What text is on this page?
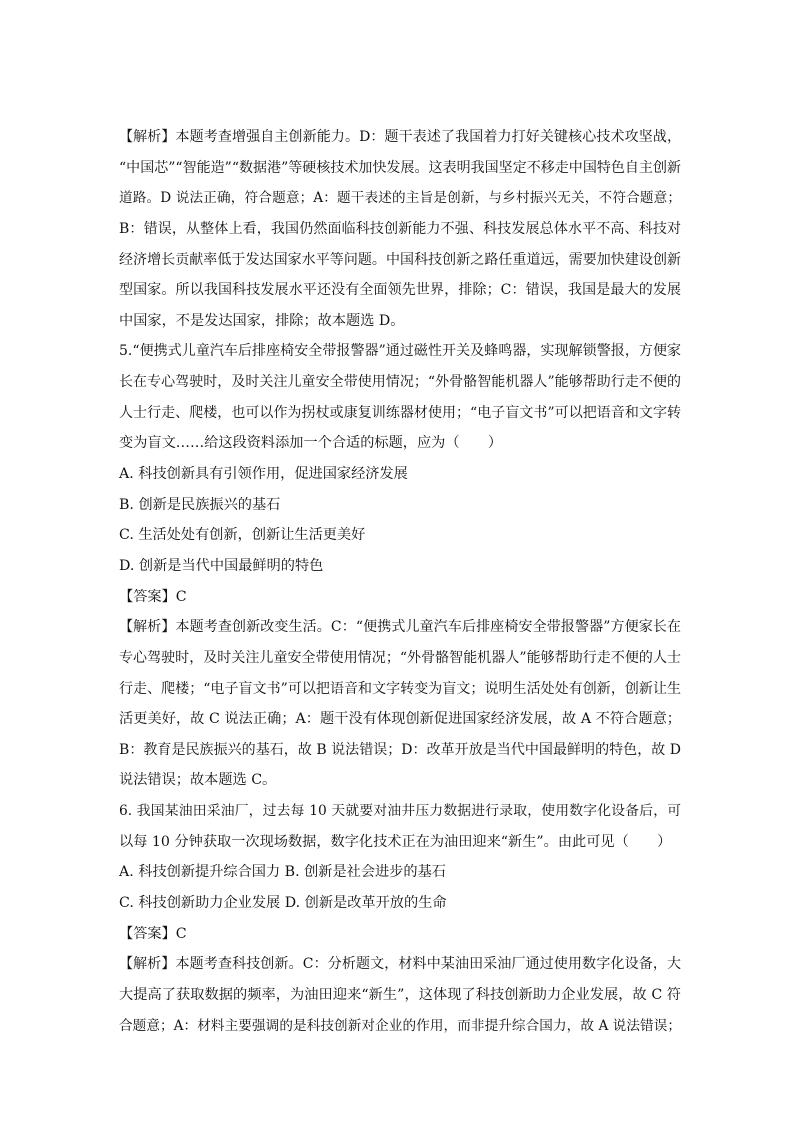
【解析】本题考查增强自主创新能力。D：题干表述了我国着力打好关键核心技术攻坚战，
“中国芯”“智能造”“数据港”等硬核技术加快发展。这表明我国坚定不移走中国特色自主创新
道路。D 说法正确，符合题意；A：题干表述的主旨是创新，与乡村振兴无关，不符合题意；
B：错误，从整体上看，我国仍然面临科技创新能力不强、科技发展总体水平不高、科技对
经济增长贡献率低于发达国家水平等问题。中国科技创新之路任重道远，需要加快建设创新
型国家。所以我国科技发展水平还没有全面领先世界，排除；C：错误，我国是最大的发展
中国家，不是发达国家，排除；故本题选 D。
5.“便携式儿童汽车后排座椅安全带报警器”通过磁性开关及蜂鸣器，实现解锁警报，方便家
长在专心驾驶时，及时关注儿童安全带使用情况；“外骨骼智能机器人”能够帮助行走不便的
人士行走、爬楼，也可以作为拐杖或康复训练器材使用；“电子盲文书”可以把语音和文字转
变为盲文……给这段资料添加一个合适的标题，应为（　　）
A. 科技创新具有引领作用，促进国家经济发展
B. 创新是民族振兴的基石
C. 生活处处有创新，创新让生活更美好
D. 创新是当代中国最鲜明的特色
【答案】C
【解析】本题考查创新改变生活。C：“便携式儿童汽车后排座椅安全带报警器”方便家长在
专心驾驶时，及时关注儿童安全带使用情况；“外骨骼智能机器人”能够帮助行走不便的人士
行走、爬楼；“电子盲文书”可以把语音和文字转变为盲文；说明生活处处有创新，创新让生
活更美好，故 C 说法正确；A：题干没有体现创新促进国家经济发展，故 A 不符合题意；
B：教育是民族振兴的基石，故 B 说法错误；D：改革开放是当代中国最鲜明的特色，故 D
说法错误；故本题选 C。
6. 我国某油田采油厂，过去每 10 天就要对油井压力数据进行录取，使用数字化设备后，可
以每 10 分钟获取一次现场数据，数字化技术正在为油田迎来“新生”。由此可见（　　）
A. 科技创新提升综合国力 B. 创新是社会进步的基石
C. 科技创新助力企业发展 D. 创新是改革开放的生命
【答案】C
【解析】本题考查科技创新。C：分析题文，材料中某油田采油厂通过使用数字化设备，大
大提高了获取数据的频率，为油田迎来“新生”，这体现了科技创新助力企业发展，故 C 符
合题意；A：材料主要强调的是科技创新对企业的作用，而非提升综合国力，故 A 说法错误；
